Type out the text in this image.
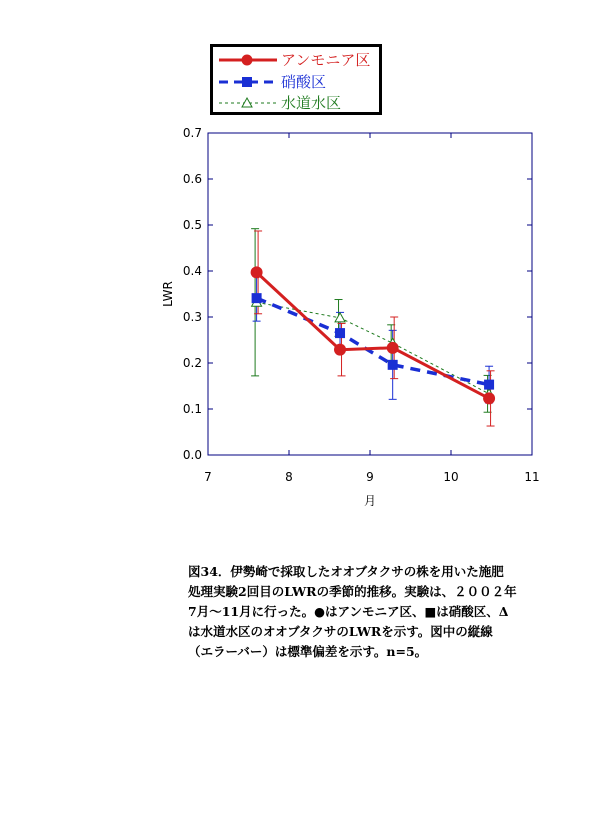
0.0
0.1
0.2
0.3
0.4
0.5
0.6
0.7
7	8	9	10	11
月
LWR
アンモニア区
硝酸区
水道水区
図34．伊勢崎で採取したオオブタクサの株を用いた施肥
処理実験2回目のLWRの季節的推移。実験は、２００２年
7月～11月に行った。●はアンモニア区、■は硝酸区、Δ
は水道水区のオオブタクサのLWRを示す。図中の縦線
（エラーバー）は標準偏差を示す。n=5。
